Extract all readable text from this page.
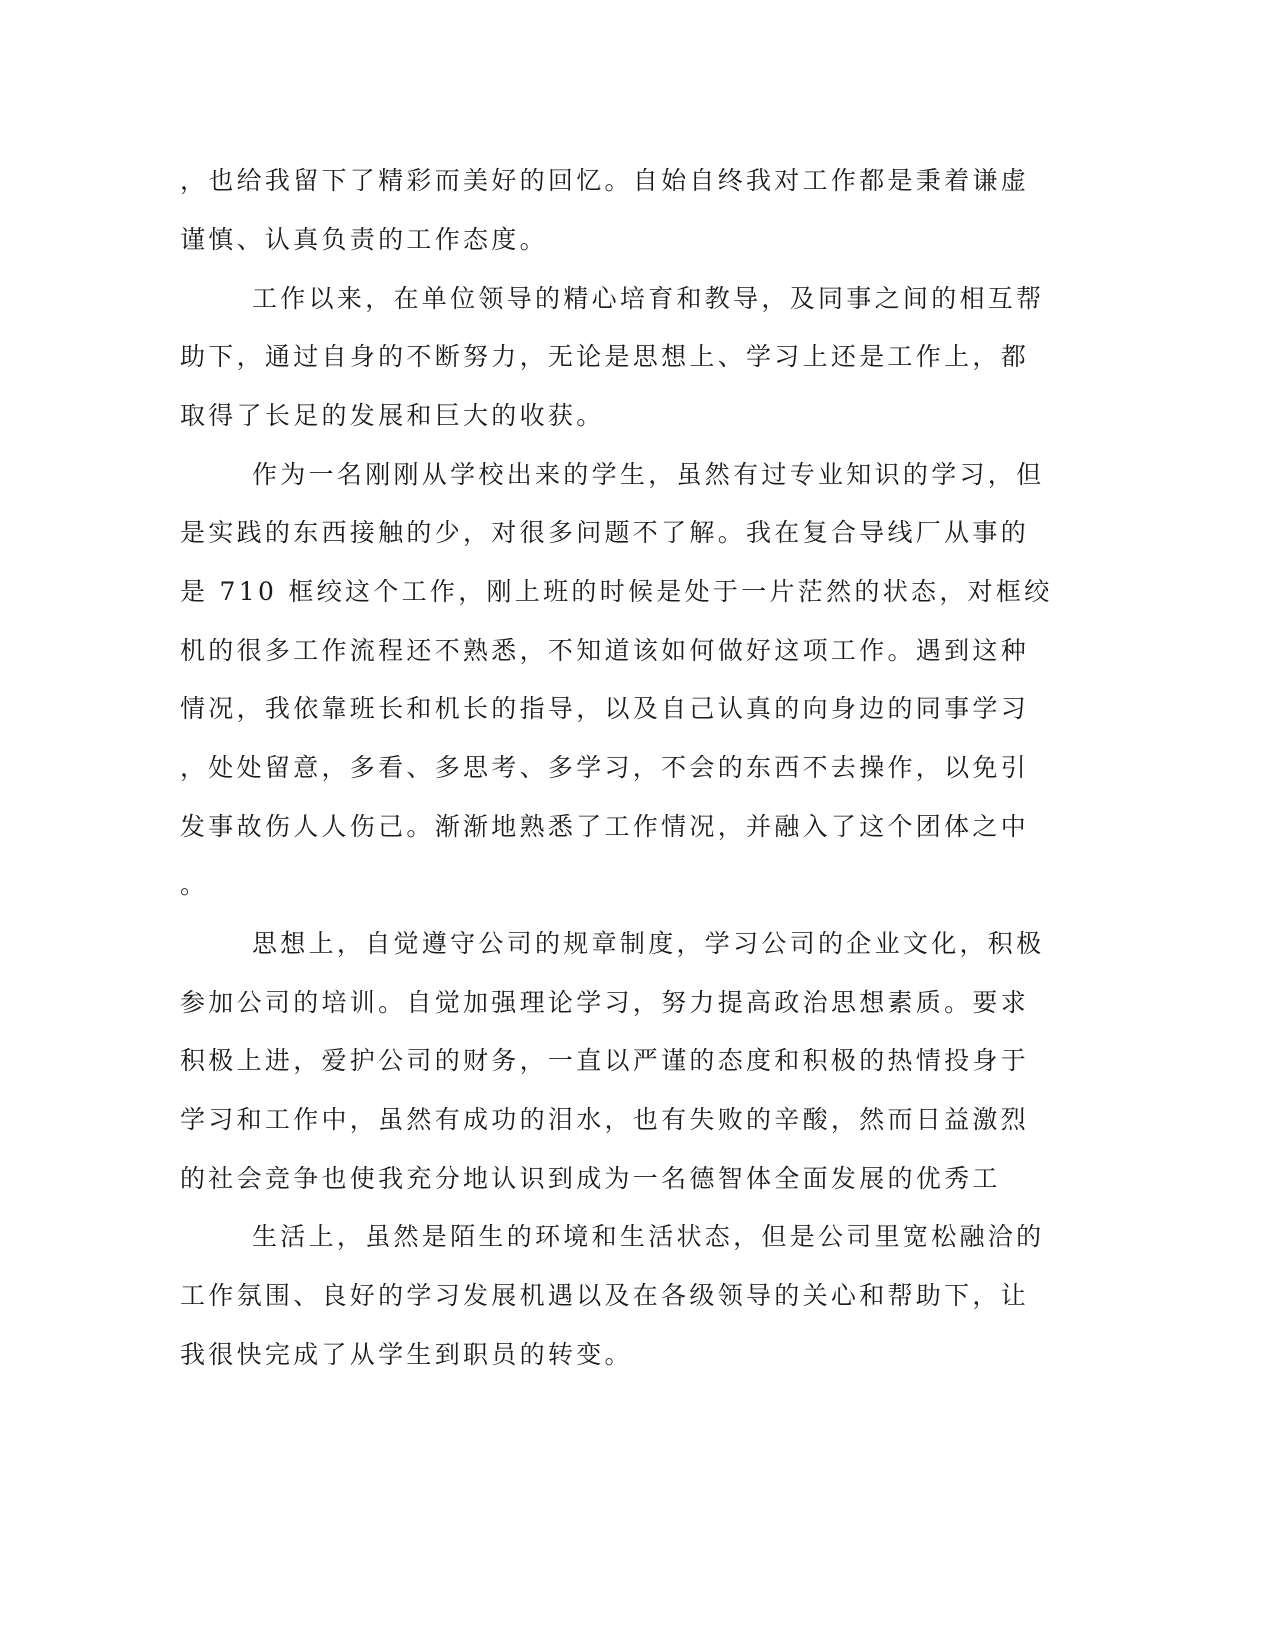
，也给我留下了精彩而美好的回忆。自始自终我对工作都是秉着谦虚
谨慎、认真负责的工作态度。
工作以来，在单位领导的精心培育和教导，及同事之间的相互帮
助下，通过自身的不断努力，无论是思想上、学习上还是工作上，都
取得了长足的发展和巨大的收获。
作为一名刚刚从学校出来的学生，虽然有过专业知识的学习，但
是实践的东西接触的少，对很多问题不了解。我在复合导线厂从事的
是 710 框绞这个工作，刚上班的时候是处于一片茫然的状态，对框绞
机的很多工作流程还不熟悉，不知道该如何做好这项工作。遇到这种
情况，我依靠班长和机长的指导，以及自己认真的向身边的同事学习
，处处留意，多看、多思考、多学习，不会的东西不去操作，以免引
发事故伤人人伤己。渐渐地熟悉了工作情况，并融入了这个团体之中
。
思想上，自觉遵守公司的规章制度，学习公司的企业文化，积极
参加公司的培训。自觉加强理论学习，努力提高政治思想素质。要求
积极上进，爱护公司的财务，一直以严谨的态度和积极的热情投身于
学习和工作中，虽然有成功的泪水，也有失败的辛酸，然而日益激烈
的社会竞争也使我充分地认识到成为一名德智体全面发展的优秀工
生活上，虽然是陌生的环境和生活状态，但是公司里宽松融洽的
工作氛围、良好的学习发展机遇以及在各级领导的关心和帮助下，让
我很快完成了从学生到职员的转变。
